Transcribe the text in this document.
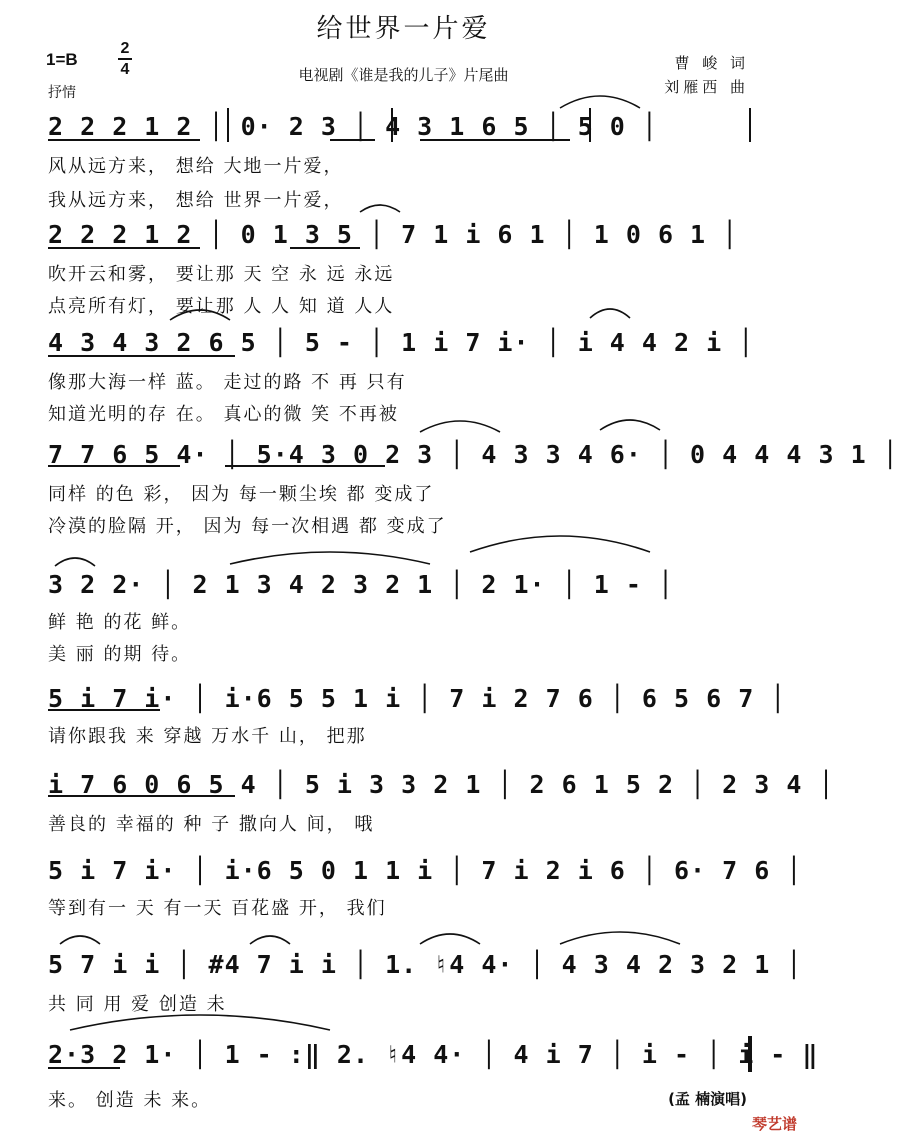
给世界一片爱
1=B
2
4
抒情
电视剧《谁是我的儿子》片尾曲
曹 峻 词
刘雁西 曲
2 2 2 1 2 │ 0· 2 3 │ 4 3 1 6 5 │ 5 0 │
风从远方来， 想给 大地一片爱，
我从远方来， 想给 世界一片爱，
2 2 2 1 2 │ 0 1 3 5 │ 7 1 i 6 1 │ 1 0 6 1 │
吹开云和雾， 要让那 天 空 永 远 永远
点亮所有灯， 要让那 人 人 知 道 人人
4 3 4 3 2 6 5 │ 5 - │ 1 i 7 i· │ i 4 4 2 i │
像那大海一样 蓝。 走过的路 不 再 只有
知道光明的存 在。 真心的微 笑 不再被
7 7 6 5 4· │ 5·4 3 0 2 3 │ 4 3 3 4 6· │ 0 4 4 4 3 1 │
同样 的色 彩， 因为 每一颗尘埃 都 变成了
冷漠的脸隔 开， 因为 每一次相遇 都 变成了
3 2 2· │ 2 1 3 4 2 3 2 1 │ 2 1· │ 1 - │
鲜 艳 的花 鲜。
美 丽 的期 待。
5 i 7 i· │ i·6 5 5 1 i │ 7 i 2 7 6 │ 6 5 6 7 │
请你跟我 来 穿越 万水千 山， 把那
i 7 6 0 6 5 4 │ 5 i 3 3 2 1 │ 2 6 1 5 2 │ 2 3 4 │
善良的 幸福的 种 子 撒向人 间， 哦
5 i 7 i· │ i·6 5 0 1 1 i │ 7 i 2 i 6 │ 6· 7 6 │
等到有一 天 有一天 百花盛 开， 我们
5 7 i i │ #4 7 i i │ 1. ♮4 4· │ 4 3 4 2 3 2 1 │
共 同 用 爱 创造 未
2·3 2 1· │ 1 - :‖ 2. ♮4 4· │ 4 i 7 │ i - │ i - ‖
来。 创造 未 来。	(孟 楠演唱)
琴艺谱
